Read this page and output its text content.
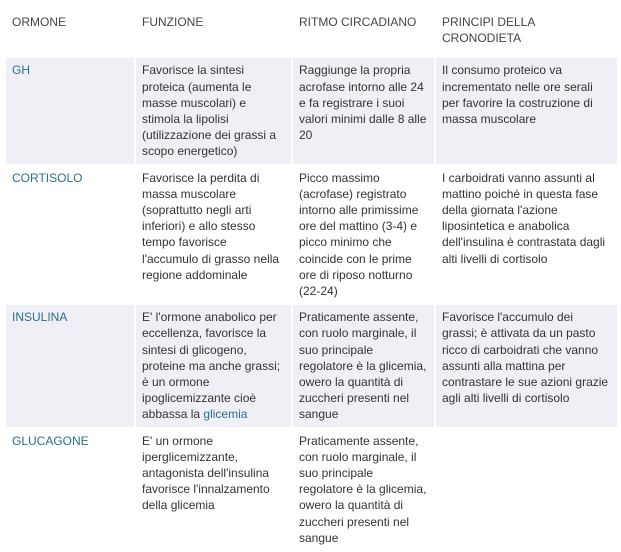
ORMONE	FUNZIONE	RITMO CIRCADIANO	PRINCIPI DELLA CRONODIETA
GH	Favorisce la sintesi proteica (aumenta le masse muscolari) e stimola la lipolisi (utilizzazione dei grassi a scopo energetico)	Raggiunge la propria acrofase intorno alle 24 e fa registrare i suoi valori minimi dalle 8 alle 20	Il consumo proteico va incrementato nelle ore serali per favorire la costruzione di massa muscolare
CORTISOLO	Favorisce la perdita di massa muscolare (soprattutto negli arti inferiori) e allo stesso tempo favorisce l'accumulo di grasso nella regione addominale	Picco massimo (acrofase) registrato intorno alle primissime ore del mattino (3-4) e picco minimo che coincide con le prime ore di riposo notturno (22-24)	I carboidrati vanno assunti al mattino poiché in questa fase della giornata l'azione liposintetica e anabolica dell'insulina è contrastata dagli alti livelli di cortisolo
INSULINA	E' l'ormone anabolico per eccellenza, favorisce la sintesi di glicogeno, proteine ma anche grassi; è un ormone ipoglicemizzante cioè abbassa la glicemia	Praticamente assente, con ruolo marginale, il suo principale regolatore è la glicemia, owero la quantità di zuccheri presenti nel sangue	Favorisce l'accumulo dei grassi; è attivata da un pasto ricco di carboidrati che vanno assunti alla mattina per contrastare le sue azioni grazie agli alti livelli di cortisolo
GLUCAGONE	E' un ormone iperglicemizzante, antagonista dell'insulina favorisce l'innalzamento della glicemia	Praticamente assente, con ruolo marginale, il suo principale regolatore è la glicemia, owero la quantità di zuccheri presenti nel sangue	
